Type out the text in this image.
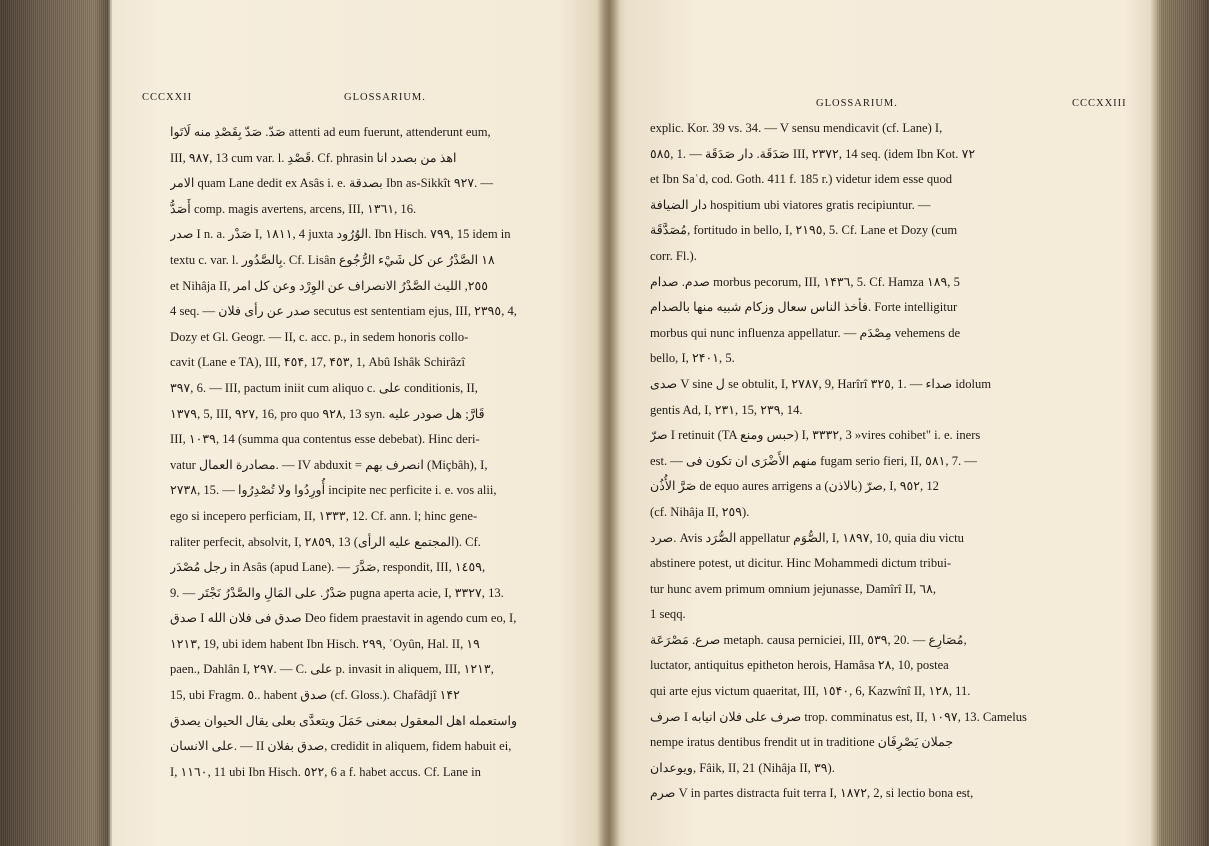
CCCXXII	GLOSSARIUM.
صَدّ. صَدّ بِقَصْدِ منه لَاتَوا attenti ad eum fuerunt, attenderunt eum,
III, ٩٨٧, 13 cum var. l. قَصْدِ. Cf. phrasin اهذ من بصدد انا
الامر quam Lane dedit ex Asâs i. e. بصدقة Ibn as-Sikkît ٩٢٧. —
أَصَدُّ comp. magis avertens, arcens, III, ١٣٦١, 16.
صدر I n. a. صَدْر I, ١٨١١, 4 juxta الوُرُود. Ibn Hisch. ٧٩٩, 15 idem in
textu c. var. l. بِالصَّدُور. Cf. Lisân ١٨ الصَّدْرُ عن كل شَيْء الرُّجُوع
et Nihâja II, ٢٥٥, الليث الصَّدْرُ الانصراف عن الوِرْد وعن كل امر
4 seq. — صدر عن رأى فلان secutus est sententiam ejus, III, ٢٣٩٥, 4,
Dozy et Gl. Geogr. — II, c. acc. p., in sedem honoris collo-
cavit (Lane e TA), III, ۴٥۴, 17, ۴٥٣, 1, Abû Ishâk Schirâzî
٣٩٧, 6. — III, pactum iniit cum aliquo c. على conditionis, II,
١٣٧٩, 5, III, ٩٢٧, 16, pro quo ٩٢٨, 13 syn. قَارَّ; هل صودر عليه
III, ١٠٣٩, 14 (summa qua contentus esse debebat). Hinc deri-
vatur مصادرة العمال. — IV abduxit = انصرف بهم (Miçbâh), I,
٢٧٣٨, 15. — أُورِدُوا ولا تُصْدِرُوا incipite nec perficite i. e. vos alii,
ego si incepero perficiam, II, ١٣٣٣, 12. Cf. ann. l; hinc gene-
raliter perfecit, absolvit, I, ٢٨٥٩, 13 (المجتمع عليه الرأى). Cf.
رجل مُصْدَر in Asâs (apud Lane). — صَدَّرَ, respondit, III, ١٤٥٩,
9. — صَدْرٌ. على المَالِ والصَّدْرُ نَجْتَر pugna aperta acie, I, ٣٣٢٧, 13.
صدق I صدق فى فلان الله Deo fidem praestavit in agendo cum eo, I,
١٢١٣, 19, ubi idem habent Ibn Hisch. ٢٩٩, ʿOyûn, Hal. II, ١٩
paen., Dahlân I, ٢٩٧. — C. على p. invasit in aliquem, III, ١٢١٣,
15, ubi Fragm. ٥.. habent صدق (cf. Gloss.). Chafâdjî ١۴٢
واستعمله اهل المعقول بمعنى حَمَلَ ويتعدَّى بعلى يقال الحيوان يصدق
على الانسان. — II صدق بفلان, credidit in aliquem, fidem habuit ei,
I, ١١٦٠, 11 ubi Ibn Hisch. ٥٢٢, 6 a f. habet accus. Cf. Lane in
GLOSSARIUM.	CCCXXIII
explic. Kor. 39 vs. 34. — V sensu mendicavit (cf. Lane) I,
٥٨٥, 1. — صَدَقَة. دار صَدَقَة III, ٢٣٧٢, 14 seq. (idem Ibn Kot. ٧٢
et Ibn Saʿd, cod. Goth. 411 f. 185 r.) videtur idem esse quod
دار الضيافة hospitium ubi viatores gratis recipiuntur. —
مُصَدَّقَة, fortitudo in bello, I, ٢١٩٥, 5. Cf. Lane et Dozy (cum
corr. Fl.).
صدم. صدام morbus pecorum, III, ١۴٣٦, 5. Cf. Hamza ١٨٩, 5
فأخذ الناس سعال وزكام شبيه منها بالصدام. Forte intelligitur
morbus qui nunc influenza appellatur. — مِصْدَم vehemens de
bello, I, ٢۴٠١, 5.
صدى V sine ل se obtulit, I, ٢٧٨٧, 9, Harîrî ٣٢٥, 1. — صداء idolum
gentis Ad, I, ٢٣١, 15, ٢٣٩, 14.
صرّ I retinuit (TA حبس ومنع) I, ٣٣٣٢, 3 »vires cohibet" i. e. iners
est. — منهم الأَضْرَى ان تكون فى fugam serio fieri, II, ٥٨١, 7. —
صَرَّ الأُذُن de equo aures arrigens a (بالاذن) صرّ, I, ٩٥٢, 12
(cf. Nihâja II, ٢٥٩).
صرد. Avis الصُّرَد appellatur الصُّوَم, I, ١٨٩٧, 10, quia diu victu
abstinere potest, ut dicitur. Hinc Mohammedi dictum tribui-
tur hunc avem primum omnium jejunasse, Damîrî II, ٦٨,
1 seqq.
صرع. مَصْرَعَة metaph. causa perniciei, III, ٥٣٩, 20. — مُصَارِع,
luctator, antiquitus epitheton herois, Hamâsa ٢٨, 10, postea
qui arte ejus victum quaeritat, III, ١٥۴٠, 6, Kazwînî II, ١٢٨, 11.
صرف I صرف على فلان انيابه trop. comminatus est, II, ١٠٩٧, 13. Camelus
nempe iratus dentibus frendit ut in traditione جملان يَصْرِفَان
ويوعدان, Fâik, II, 21 (Nihâja II, ٣٩).
صرم V in partes distracta fuit terra I, ١٨٧٢, 2, si lectio bona est,
